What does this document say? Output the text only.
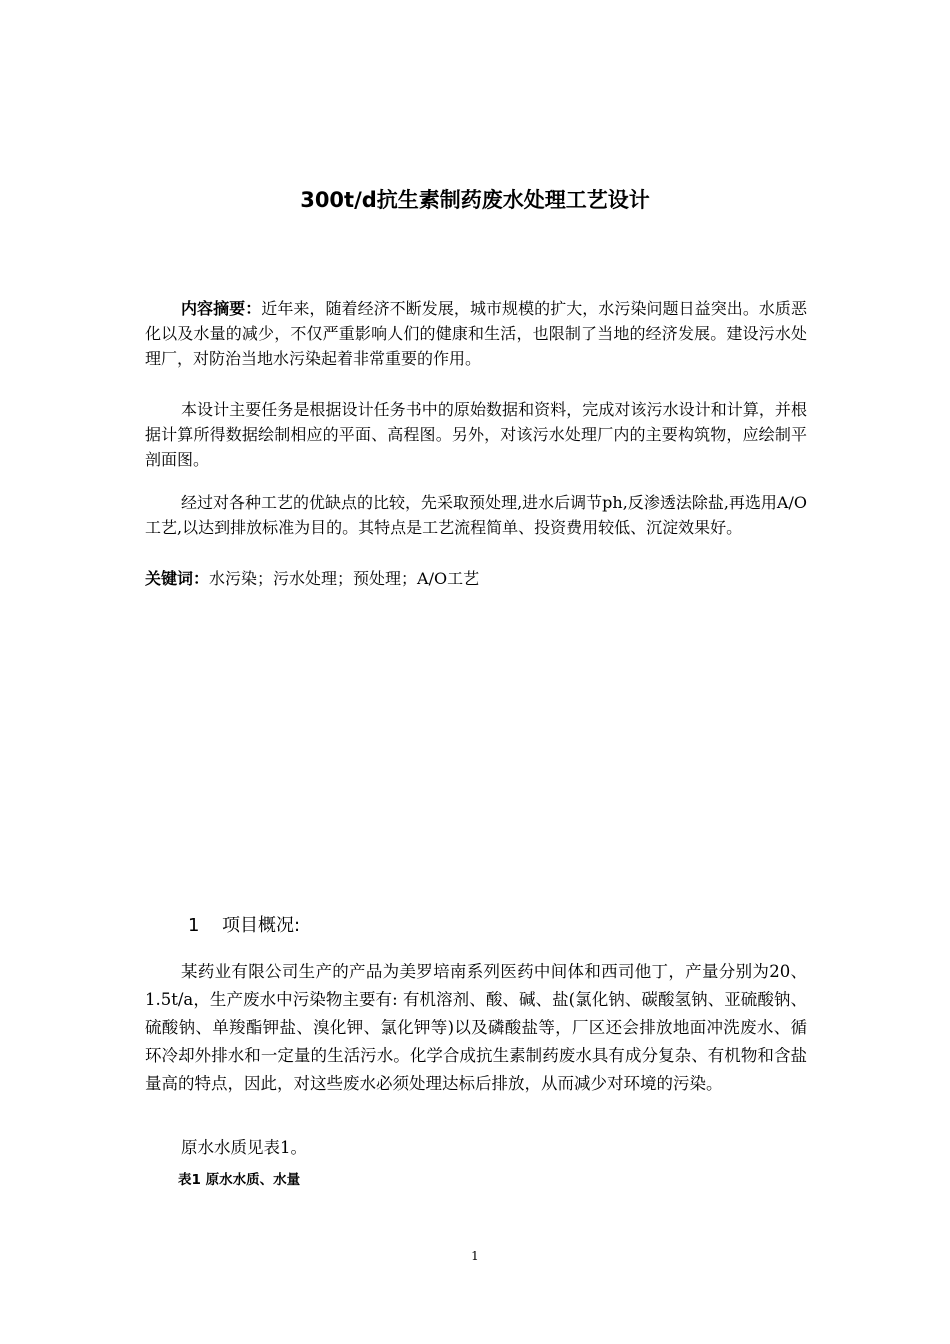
300t/d抗生素制药废水处理工艺设计

内容摘要：近年来，随着经济不断发展，城市规模的扩大，水污染问题日益突出。水质恶化以及水量的减少，不仅严重影响人们的健康和生活，也限制了当地的经济发展。建设污水处理厂，对防治当地水污染起着非常重要的作用。

本设计主要任务是根据设计任务书中的原始数据和资料，完成对该污水设计和计算，并根据计算所得数据绘制相应的平面、高程图。另外，对该污水处理厂内的主要构筑物，应绘制平剖面图。

经过对各种工艺的优缺点的比较，先采取预处理,进水后调节ph,反渗透法除盐,再选用A/O工艺,以达到排放标准为目的。其特点是工艺流程简单、投资费用较低、沉淀效果好。

关键词：水污染；污水处理；预处理；A/O工艺
1 项目概况:

某药业有限公司生产的产品为美罗培南系列医药中间体和西司他丁，产量分别为20、1.5t/a，生产废水中污染物主要有: 有机溶剂、酸、碱、盐(氯化钠、碳酸氢钠、亚硫酸钠、硫酸钠、单羧酯钾盐、溴化钾、氯化钾等)以及磷酸盐等，厂区还会排放地面冲洗废水、循环冷却外排水和一定量的生活污水。化学合成抗生素制药废水具有成分复杂、有机物和含盐量高的特点，因此，对这些废水必须处理达标后排放，从而减少对环境的污染。

原水水质见表1。
表1 原水水质、水量
1
